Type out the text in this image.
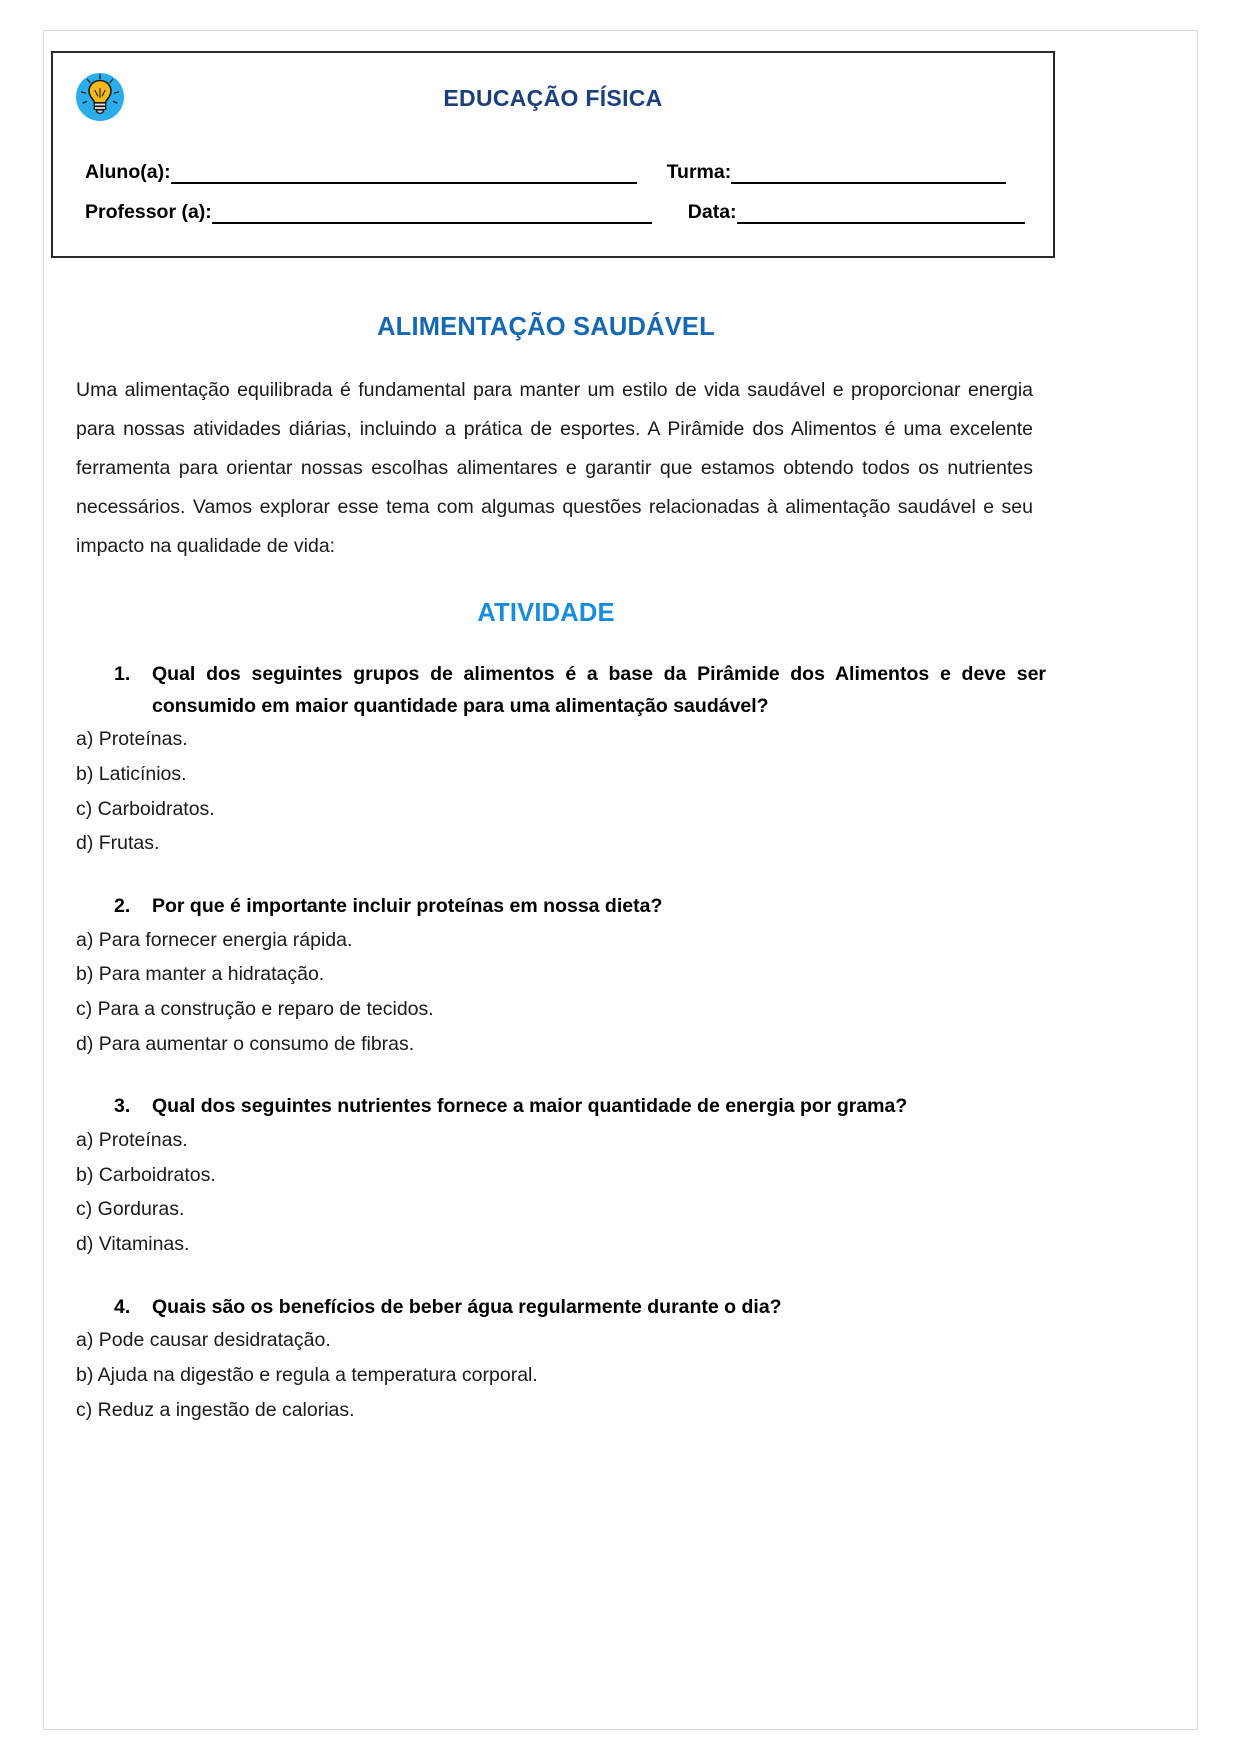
EDUCAÇÃO FÍSICA
Aluno(a):	Turma:
Professor (a):	Data:
ALIMENTAÇÃO SAUDÁVEL
Uma alimentação equilibrada é fundamental para manter um estilo de vida saudável e proporcionar energia para nossas atividades diárias, incluindo a prática de esportes. A Pirâmide dos Alimentos é uma excelente ferramenta para orientar nossas escolhas alimentares e garantir que estamos obtendo todos os nutrientes necessários. Vamos explorar esse tema com algumas questões relacionadas à alimentação saudável e seu impacto na qualidade de vida:
ATIVIDADE
1.	Qual dos seguintes grupos de alimentos é a base da Pirâmide dos Alimentos e deve ser consumido em maior quantidade para uma alimentação saudável?
a) Proteínas.
b) Laticínios.
c) Carboidratos.
d) Frutas.
2.	Por que é importante incluir proteínas em nossa dieta?
a) Para fornecer energia rápida.
b) Para manter a hidratação.
c) Para a construção e reparo de tecidos.
d) Para aumentar o consumo de fibras.
3.	Qual dos seguintes nutrientes fornece a maior quantidade de energia por grama?
a) Proteínas.
b) Carboidratos.
c) Gorduras.
d) Vitaminas.
4.	Quais são os benefícios de beber água regularmente durante o dia?
a) Pode causar desidratação.
b) Ajuda na digestão e regula a temperatura corporal.
c) Reduz a ingestão de calorias.
